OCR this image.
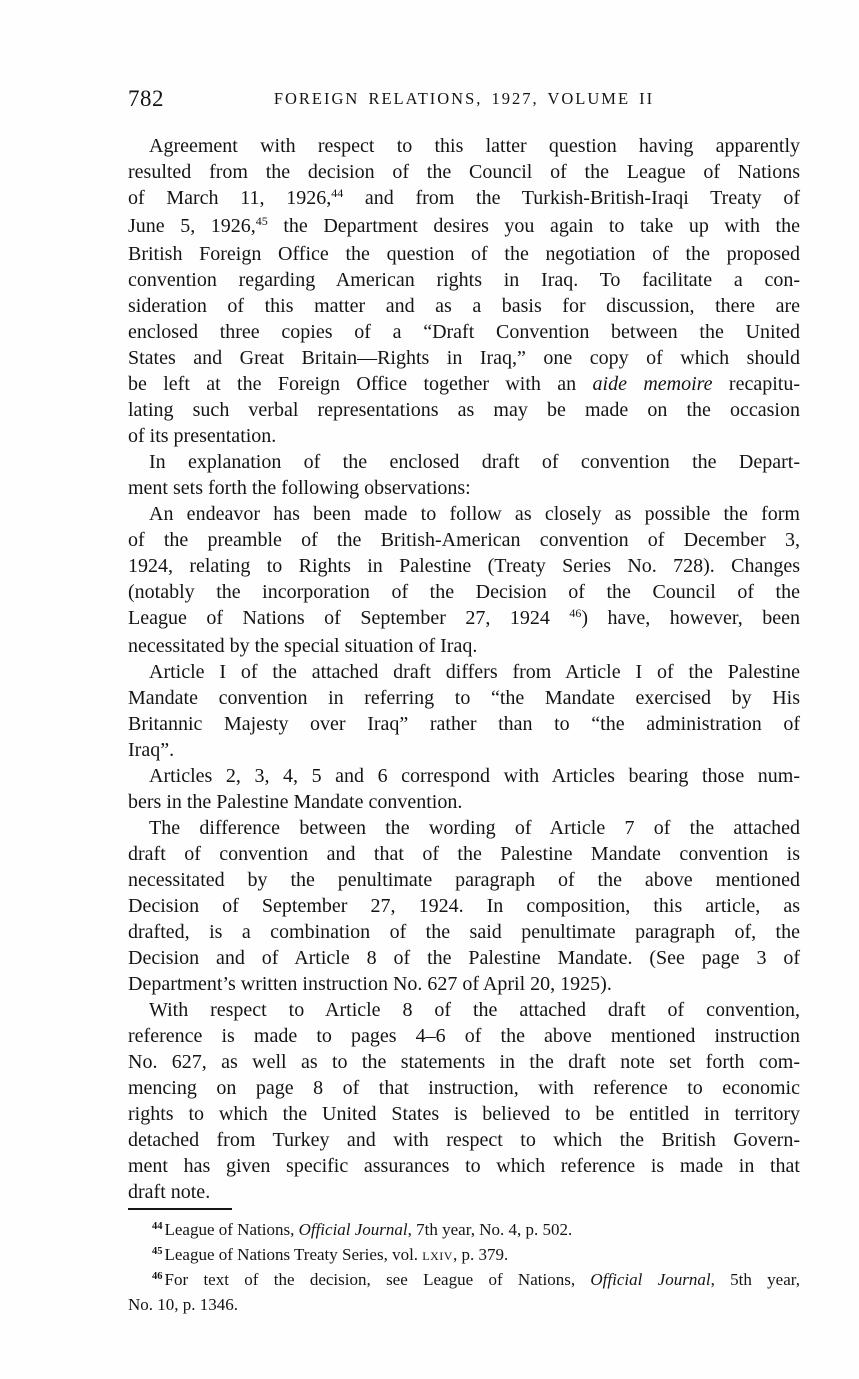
782	FOREIGN RELATIONS, 1927, VOLUME II
Agreement with respect to this latter question having apparently
resulted from the decision of the Council of the League of Nations
of March 11, 1926,44 and from the Turkish-British-Iraqi Treaty of
June 5, 1926,45 the Department desires you again to take up with the
British Foreign Office the question of the negotiation of the proposed
convention regarding American rights in Iraq. To facilitate a con-
sideration of this matter and as a basis for discussion, there are
enclosed three copies of a “Draft Convention between the United
States and Great Britain—Rights in Iraq,” one copy of which should
be left at the Foreign Office together with an aide memoire recapitu-
lating such verbal representations as may be made on the occasion
of its presentation.
In explanation of the enclosed draft of convention the Depart-
ment sets forth the following observations:
An endeavor has been made to follow as closely as possible the form
of the preamble of the British-American convention of December 3,
1924, relating to Rights in Palestine (Treaty Series No. 728). Changes
(notably the incorporation of the Decision of the Council of the
League of Nations of September 27, 1924 $^{46}$) have, however, been
necessitated by the special situation of Iraq.
Article I of the attached draft differs from Article I of the Palestine
Mandate convention in referring to “the Mandate exercised by His
Britannic Majesty over Iraq” rather than to “the administration of
Iraq”.
Articles 2, 3, 4, 5 and 6 correspond with Articles bearing those num-
bers in the Palestine Mandate convention.
The difference between the wording of Article 7 of the attached
draft of convention and that of the Palestine Mandate convention is
necessitated by the penultimate paragraph of the above mentioned
Decision of September 27, 1924. In composition, this article, as
drafted, is a combination of the said penultimate paragraph of, the
Decision and of Article 8 of the Palestine Mandate. (See page 3 of
Department’s written instruction No. 627 of April 20, 1925).
With respect to Article 8 of the attached draft of convention,
reference is made to pages 4–6 of the above mentioned instruction
No. 627, as well as to the statements in the draft note set forth com-
mencing on page 8 of that instruction, with reference to economic
rights to which the United States is believed to be entitled in territory
detached from Turkey and with respect to which the British Govern-
ment has given specific assurances to which reference is made in that
draft note.
$^{44}$ League of Nations, Official Journal, 7th year, No. 4, p. 502.
$^{45}$ League of Nations Treaty Series, vol. lxiv, p. 379.
$^{46}$ For text of the decision, see League of Nations, Official Journal, 5th year,
No. 10, p. 1346.
